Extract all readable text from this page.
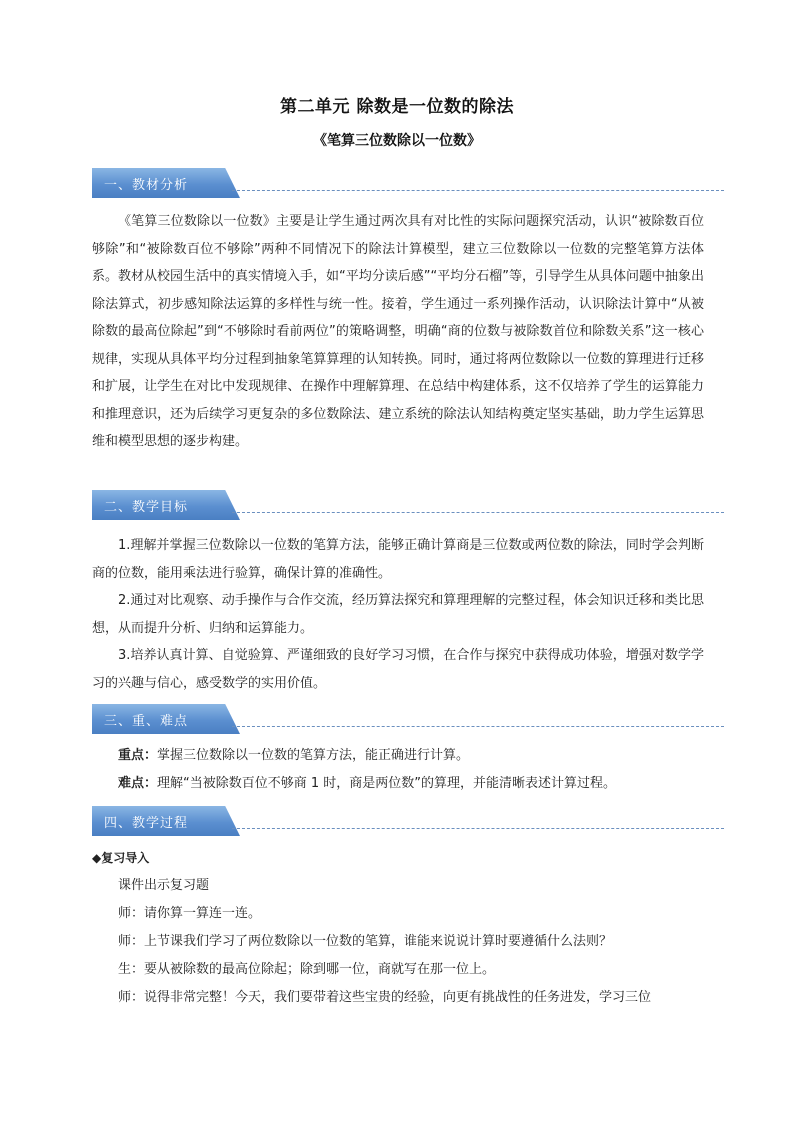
第二单元 除数是一位数的除法
《笔算三位数除以一位数》
一、教材分析
《笔算三位数除以一位数》主要是让学生通过两次具有对比性的实际问题探究活动，认识“被除数百位够除”和“被除数百位不够除”两种不同情况下的除法计算模型，建立三位数除以一位数的完整笔算方法体系。教材从校园生活中的真实情境入手，如“平均分读后感”“平均分石榴”等，引导学生从具体问题中抽象出除法算式，初步感知除法运算的多样性与统一性。接着，学生通过一系列操作活动，认识除法计算中“从被除数的最高位除起”到“不够除时看前两位”的策略调整，明确“商的位数与被除数首位和除数关系”这一核心规律，实现从具体平均分过程到抽象笔算算理的认知转换。同时，通过将两位数除以一位数的算理进行迁移和扩展，让学生在对比中发现规律、在操作中理解算理、在总结中构建体系，这不仅培养了学生的运算能力和推理意识，还为后续学习更复杂的多位数除法、建立系统的除法认知结构奠定坚实基础，助力学生运算思维和模型思想的逐步构建。
二、教学目标
1.理解并掌握三位数除以一位数的笔算方法，能够正确计算商是三位数或两位数的除法，同时学会判断商的位数，能用乘法进行验算，确保计算的准确性。
2.通过对比观察、动手操作与合作交流，经历算法探究和算理理解的完整过程，体会知识迁移和类比思想，从而提升分析、归纳和运算能力。
3.培养认真计算、自觉验算、严谨细致的良好学习习惯，在合作与探究中获得成功体验，增强对数学学习的兴趣与信心，感受数学的实用价值。
三、重、难点
重点：掌握三位数除以一位数的笔算方法，能正确进行计算。
难点：理解“当被除数百位不够商 1 时，商是两位数”的算理，并能清晰表述计算过程。
四、教学过程
◆复习导入
课件出示复习题
师：请你算一算连一连。
师：上节课我们学习了两位数除以一位数的笔算，谁能来说说计算时要遵循什么法则？
生：要从被除数的最高位除起；除到哪一位，商就写在那一位上。
师：说得非常完整！今天，我们要带着这些宝贵的经验，向更有挑战性的任务进发，学习三位
